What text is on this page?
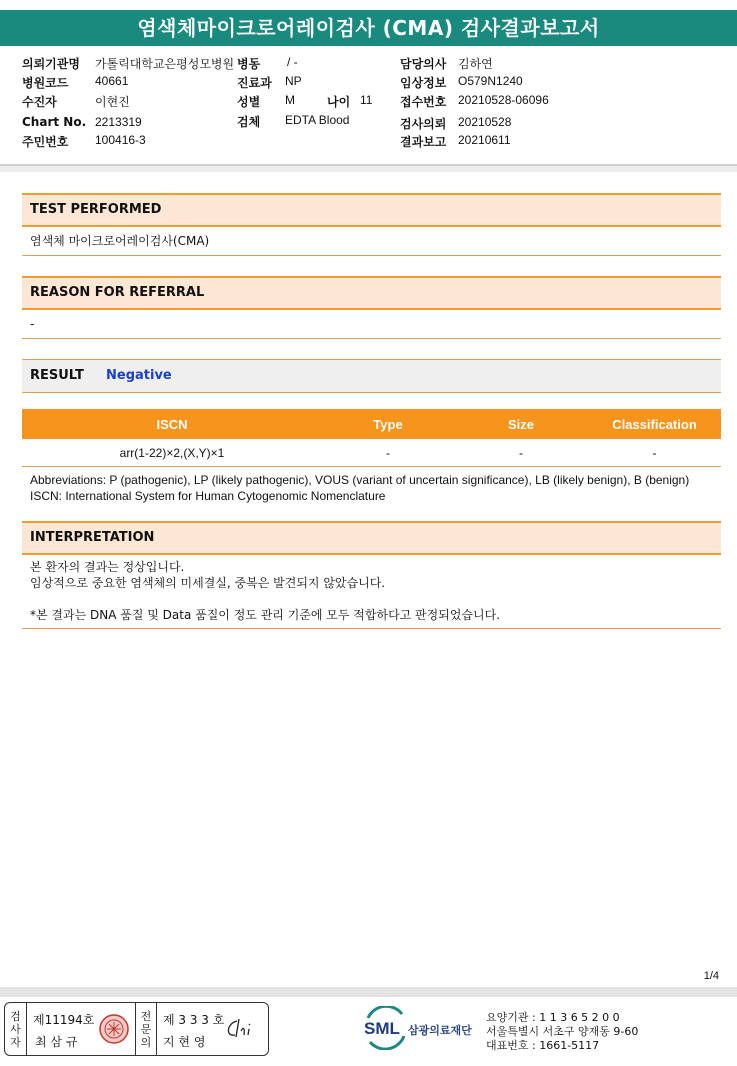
염색체마이크로어레이검사 (CMA) 검사결과보고서
의뢰기관명 가톨릭대학교은평성모병원 병동 / -	담당의사 김하연
병원코드 40661	진료과 NP	임상정보 O579N1240
수진자	이현진	성별 M	나이 11 접수번호 20210528-06096
Chart No. 2213319	검체 EDTA Blood	검사의뢰 20210528
주민번호 100416-3	결과보고 20210611
TEST PERFORMED
염색체 마이크로어레이검사(CMA)
REASON FOR REFERRAL
-
RESULT Negative
ISCN	Type	Size	Classification
arr(1-22)×2,(X,Y)×1	-	-	-
Abbreviations: P (pathogenic), LP (likely pathogenic), VOUS (variant of uncertain significance), LB (likely benign), B (benign)
ISCN: International System for Human Cytogenomic Nomenclature
INTERPRETATION
본 환자의 결과는 정상입니다.
임상적으로 중요한 염색체의 미세결실, 중복은 발견되지 않았습니다.
*본 결과는 DNA 품질 및 Data 품질이 정도 관리 기준에 모두 적합하다고 판정되었습니다.
1/4
검
사
자
제11194호
최 삼 규
전
문
의
제 3 3 3 호
지 현 영
SML 삼광의료재단
요양기관 : 1 1 3 6 5 2 0 0
서울특별시 서초구 양재동 9-60
대표번호 : 1661-5117
